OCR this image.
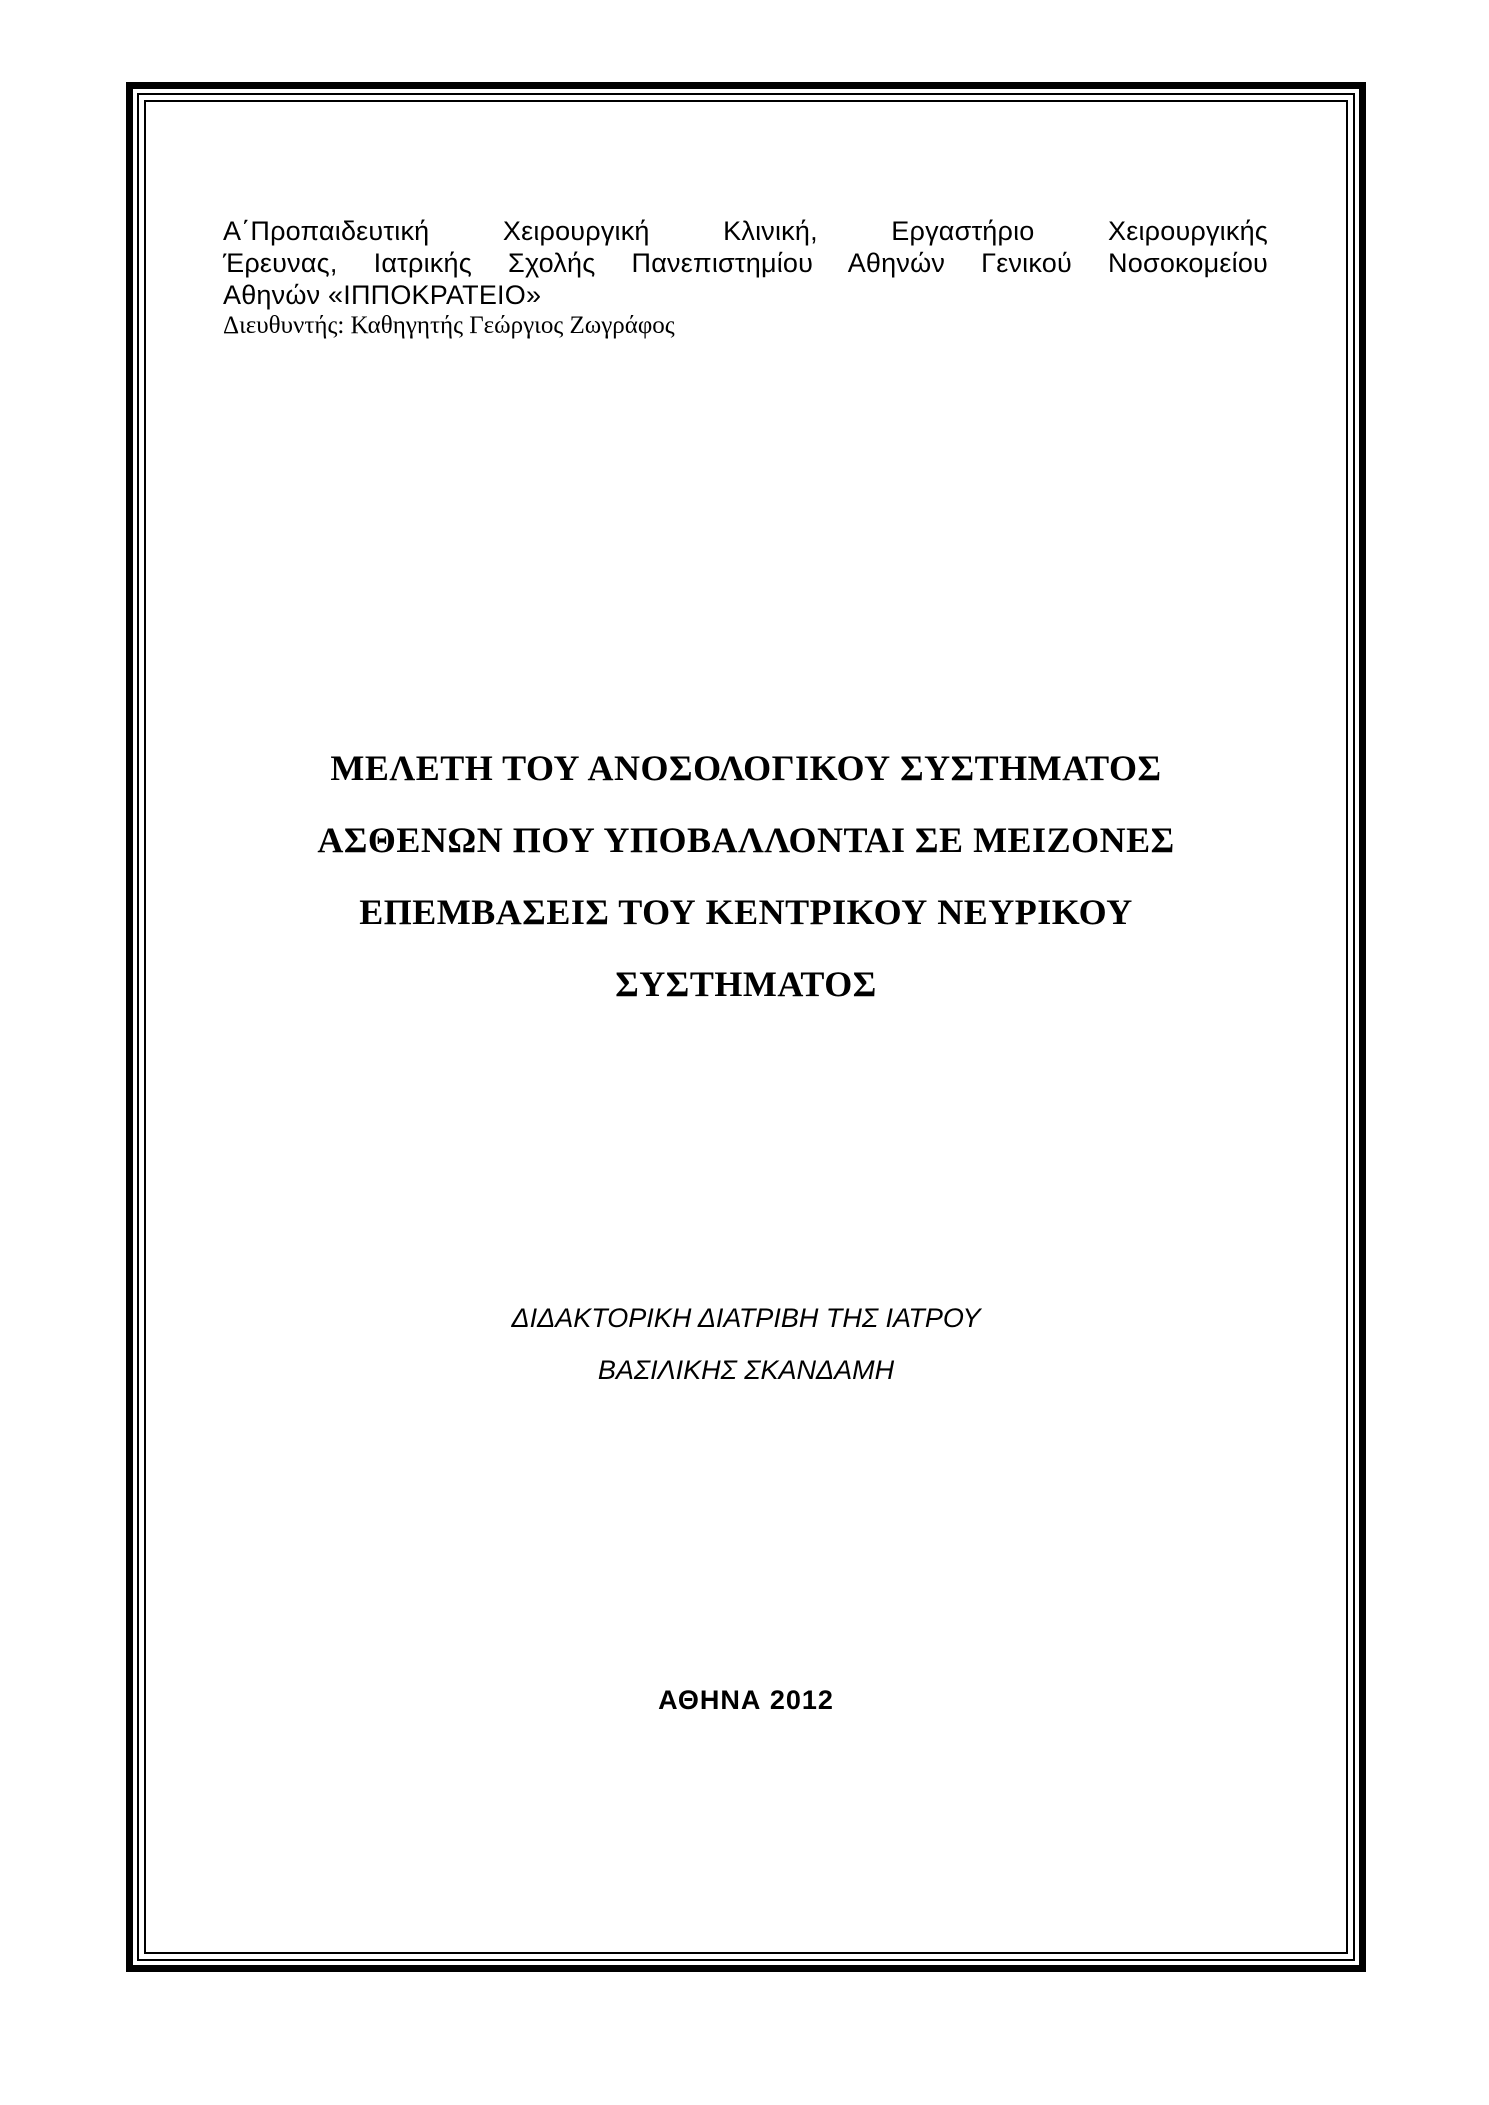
Α΄Προπαιδευτική Χειρουργική Κλινική, Εργαστήριο Χειρουργικής
Έρευνας, Ιατρικής Σχολής Πανεπιστημίου Αθηνών Γενικού Νοσοκομείου
Αθηνών «ΙΠΠΟΚΡΑΤΕΙΟ»
Διευθυντής: Καθηγητής Γεώργιος Ζωγράφος
ΜΕΛΕΤΗ ΤΟΥ ΑΝΟΣΟΛΟΓΙΚΟΥ ΣΥΣΤΗΜΑΤΟΣ
ΑΣΘΕΝΩΝ ΠΟΥ ΥΠΟΒΑΛΛΟΝΤΑΙ ΣΕ ΜΕΙΖΟΝΕΣ
ΕΠΕΜΒΑΣΕΙΣ ΤΟΥ ΚΕΝΤΡΙΚΟΥ ΝΕΥΡΙΚΟΥ
ΣΥΣΤΗΜΑΤΟΣ
ΔΙΔΑΚΤΟΡΙΚΗ ΔΙΑΤΡΙΒΗ ΤΗΣ ΙΑΤΡΟΥ
ΒΑΣΙΛΙΚΗΣ ΣΚΑΝΔΑΜΗ
ΑΘΗΝΑ 2012
